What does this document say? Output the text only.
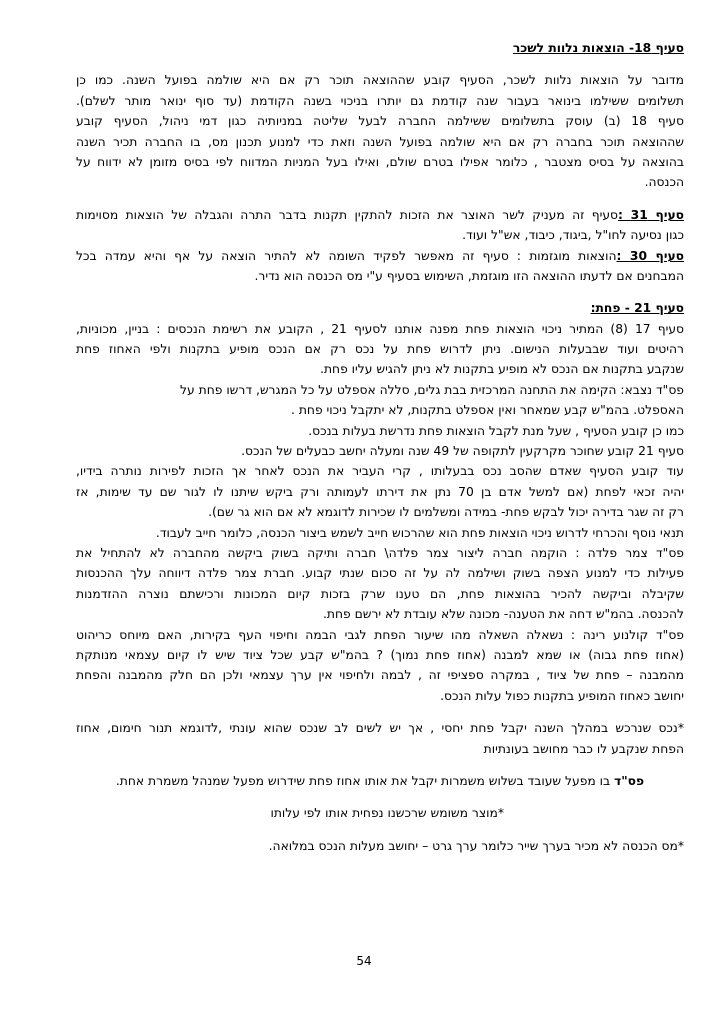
סעיף 18- הוצאות נלוות לשכר
מדובר על הוצאות נלוות לשכר, הסעיף קובע שההוצאה תוכר רק אם היא שולמה בפועל השנה. כמו כן
תשלומים ששילמו בינואר בעבור שנה קודמת גם יותרו בניכוי בשנה הקודמת (עד סוף ינואר מותר לשלם).
סעיף 18 (ב) עוסק בתשלומים ששילמה החברה לבעל שליטה במניותיה כגון דמי ניהול, הסעיף קובע
שההוצאה תוכר בחברה רק אם היא שולמה בפועל השנה וזאת כדי למנוע תכנון מס, בו החברה תכיר השנה
בהוצאה על בסיס מצטבר , כלומר אפילו בטרם שולם, ואילו בעל המניות המדווח לפי בסיס מזומן לא ידווח על
הכנסה.
סעיף 31 :סעיף זה מעניק לשר האוצר את הזכות להתקין תקנות בדבר התרה והגבלה של הוצאות מסוימות
כגון נסיעה לחו"ל ,ביגוד, כיבוד, אש"ל ועוד.
סעיף 30 :הוצאות מוגזמות : סעיף זה מאפשר לפקיד השומה לא להתיר הוצאה על אף והיא עמדה בכל
המבחנים אם לדעתו ההוצאה הזו מוגזמת, השימוש בסעיף ע"י מס הכנסה הוא נדיר.
סעיף 21 - פחת:
סעיף 17 (8) המתיר ניכוי הוצאות פחת מפנה אותנו לסעיף 21 , הקובע את רשימת הנכסים : בניין, מכוניות,
רהיטים ועוד שבבעלות הנישום. ניתן לדרוש פחת על נכס רק אם הנכס מופיע בתקנות ולפי האחוז פחת
שנקבע בתקנות אם הנכס לא מופיע בתקנות לא ניתן להגיש עליו פחת.
פס"ד נצבא: הקימה את התחנה המרכזית בבת גלים, סללה אספלט על כל המגרש, דרשו פחת על
האספלט. בהמ"ש קבע שמאחר ואין אספלט בתקנות, לא יתקבל ניכוי פחת .
כמו כן קובע הסעיף , שעל מנת לקבל הוצאות פחת נדרשת בעלות בנכס.
סעיף 21 קובע שחוכר מקרקעין לתקופה של 49 שנה ומעלה יחשב כבעלים של הנכס.
עוד קובע הסעיף שאדם שהסב נכס בבעלותו , קרי העביר את הנכס לאחר אך הזכות לפירות נותרה בידיו,
יהיה זכאי לפחת (אם למשל אדם בן 70 נתן את דירתו לעמותה ורק ביקש שיתנו לו לגור שם עד שימות, אז
רק זה שגר בדירה יכול לבקש פחת- במידה ומשלמים לו שכירות לדוגמא לא אם הוא גר שם).
תנאי נוסף והכרחי לדרוש ניכוי הוצאות פחת הוא שהרכוש חייב לשמש ביצור הכנסה, כלומר חייב לעבוד.
פס"ד צמר פלדה : הוקמה חברה ליצור צמר פלדה\ חברה ותיקה בשוק ביקשה מהחברה לא להתחיל את
פעילות כדי למנוע הצפה בשוק ושילמה לה על זה סכום שנתי קבוע. חברת צמר פלדה דיווחה עלך ההכנסות
שקיבלה וביקשה להכיר בהוצאות פחת, הם טענו שרק בזכות קיום המכונות ורכישתם נוצרה ההזדמנות
להכנסה. בהמ"ש דחה את הטענה- מכונה שלא עובדת לא ירשם פחת.
פס"ד קולנוע רינה : נשאלה השאלה מהו שיעור הפחת לגבי הבמה וחיפוי העף בקירות, האם מיוחס כריהוט
(אחוז פחת גבוה) או שמא למבנה (אחוז פחת נמוך) ? בהמ"ש קבע שכל ציוד שיש לו קיום עצמאי מנותקת
מהמבנה – פחת של ציוד , במקרה ספציפי זה , לבמה ולחיפוי אין ערך עצמאי ולכן הם חלק מהמבנה והפחת
יחושב כאחוז המופיע בתקנות כפול עלות הנכס.
*נכס שנרכש במהלך השנה יקבל פחת יחסי , אך יש לשים לב שנכס שהוא עונתי ,לדוגמא תנור חימום, אחוז
הפחת שנקבע לו כבר מחושב בעונתיות
פס"ד בו מפעל שעובד בשלוש משמרות יקבל את אותו אחוז פחת שידרוש מפעל שמנהל משמרת אחת.
*מוצר משומש שרכשנו נפחית אותו לפי עלותו
*מס הכנסה לא מכיר בערך שייר כלומר ערך גרט – יחושב מעלות הנכס במלואה.
54
